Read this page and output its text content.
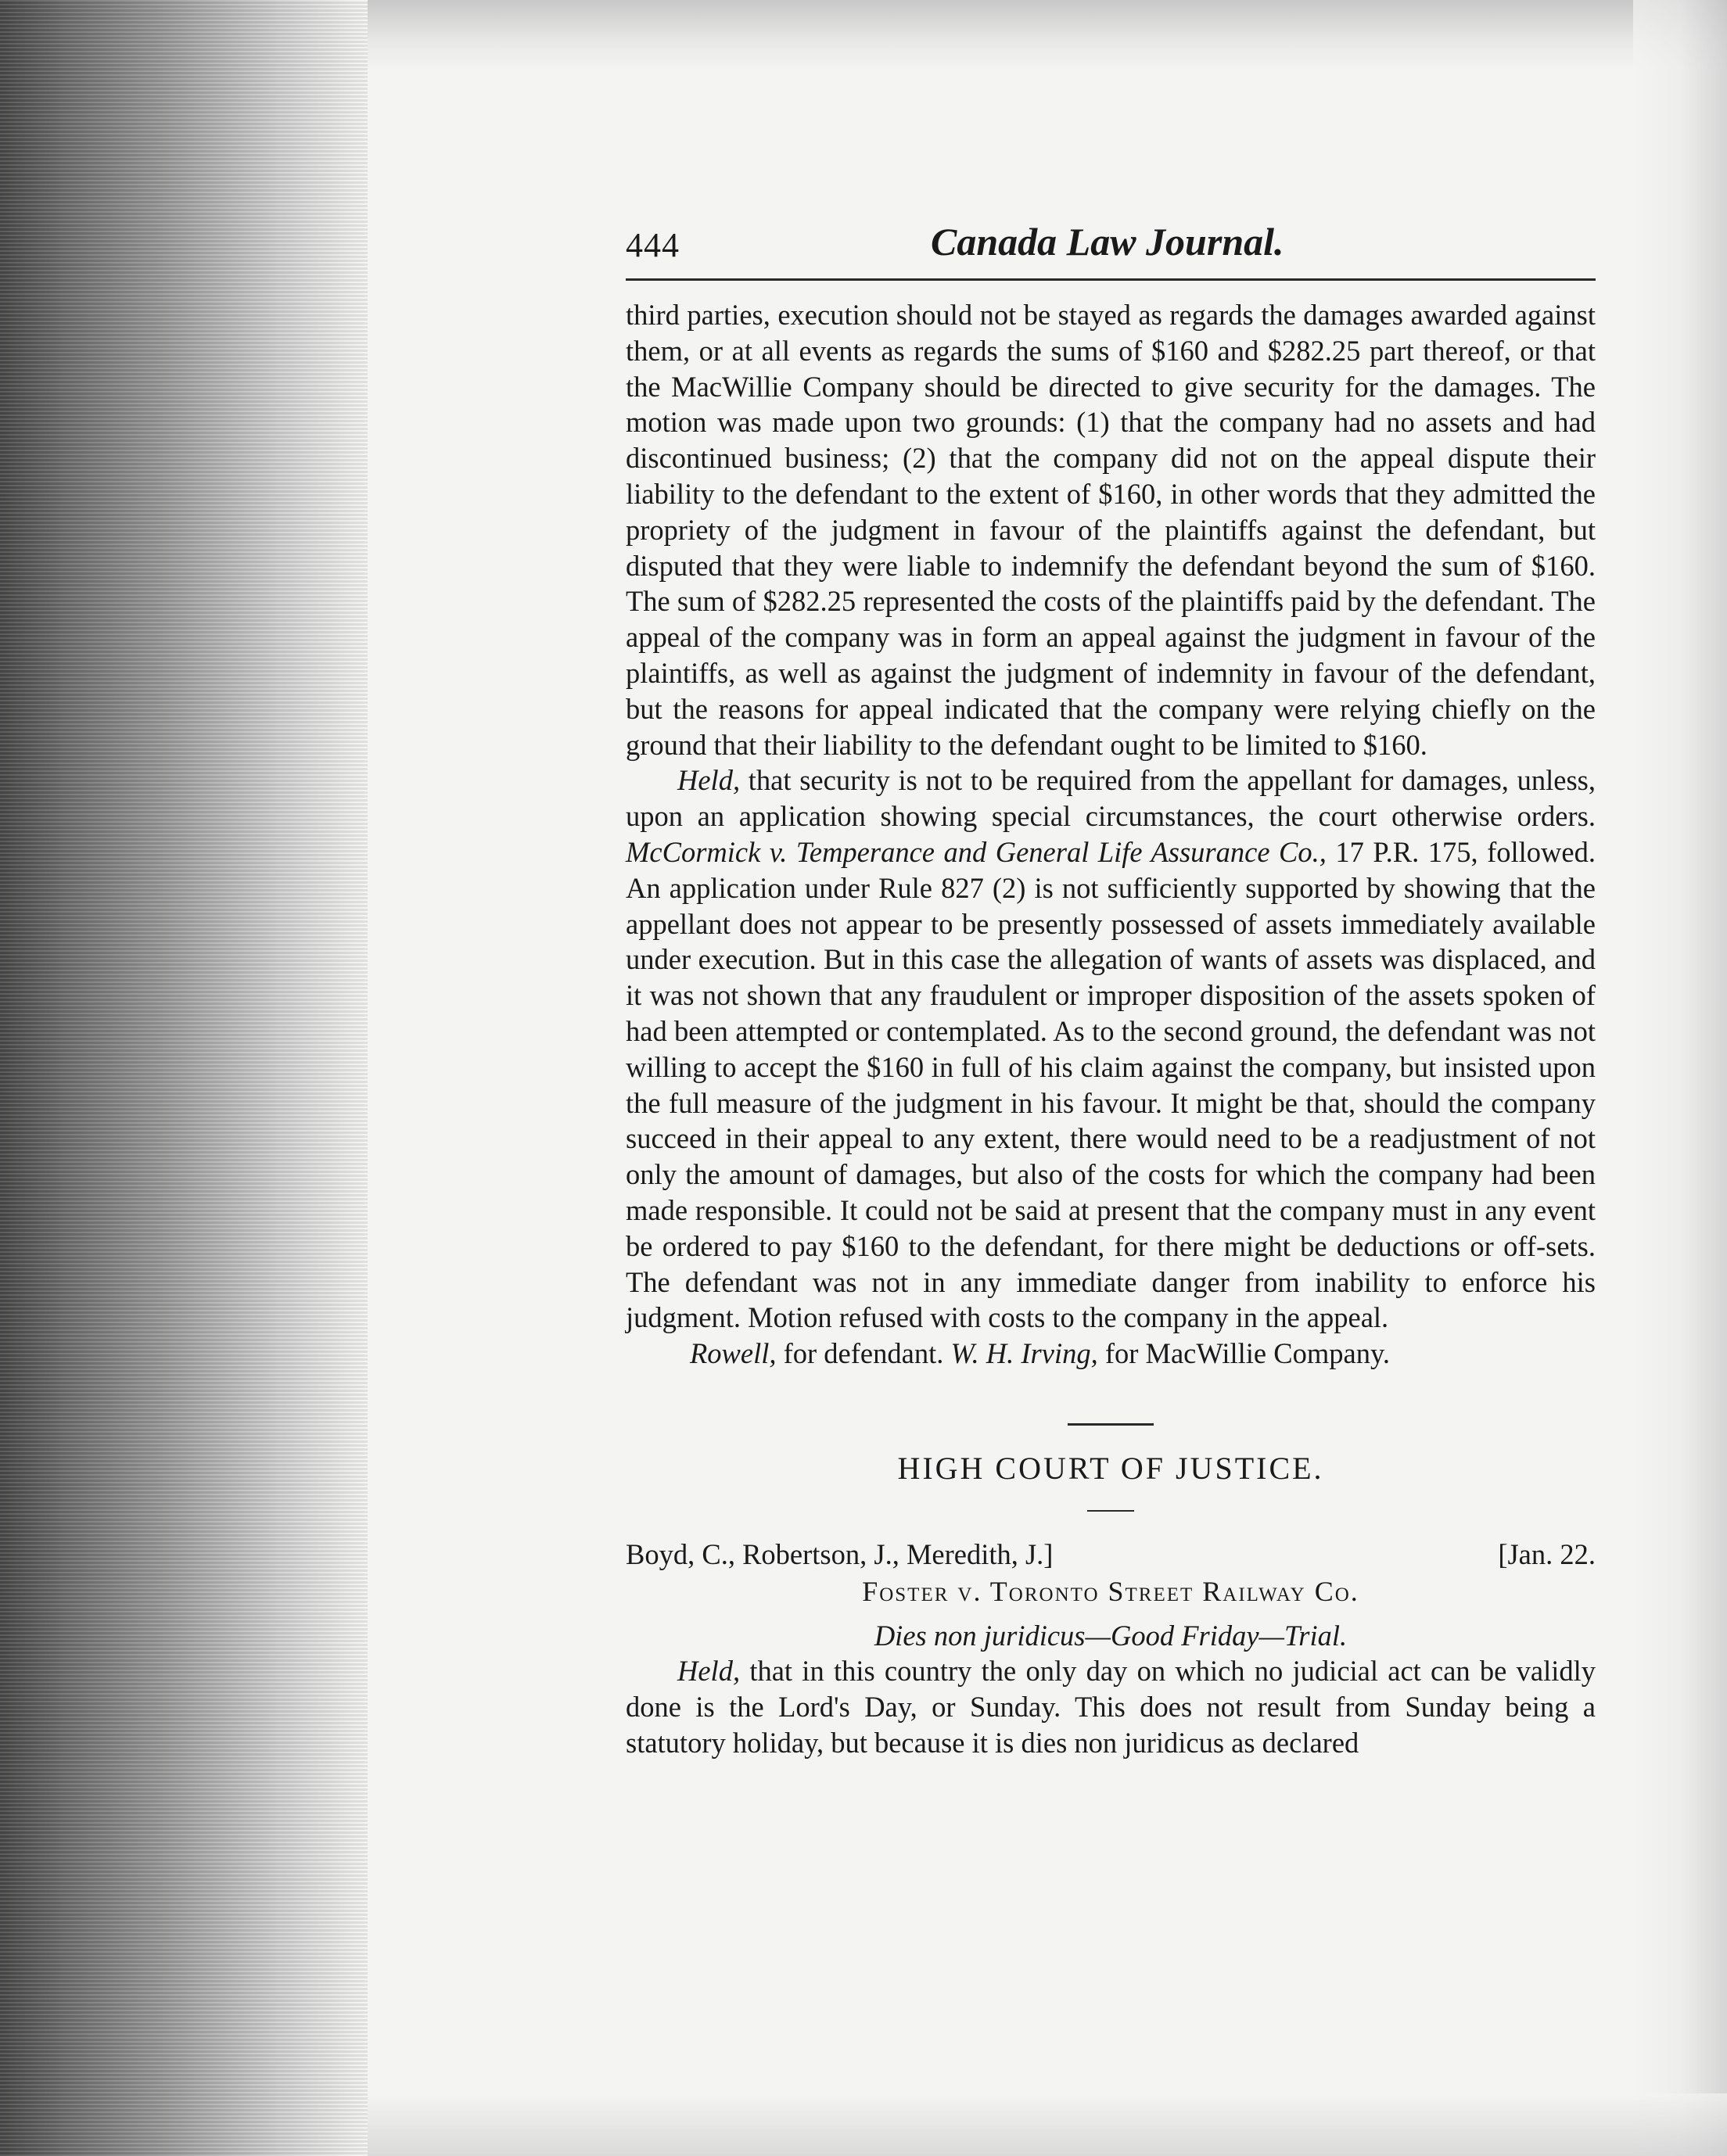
444	Canada Law Journal.

third parties, execution should not be stayed as regards the damages awarded against them, or at all events as regards the sums of $160 and $282.25 part thereof, or that the MacWillie Company should be directed to give security for the damages. The motion was made upon two grounds: (1) that the company had no assets and had discontinued business; (2) that the company did not on the appeal dispute their liability to the defendant to the extent of $160, in other words that they admitted the propriety of the judgment in favour of the plaintiffs against the defendant, but disputed that they were liable to indemnify the defendant beyond the sum of $160. The sum of $282.25 represented the costs of the plaintiffs paid by the defendant. The appeal of the company was in form an appeal against the judgment in favour of the plaintiffs, as well as against the judgment of indemnity in favour of the defendant, but the reasons for appeal indicated that the company were relying chiefly on the ground that their liability to the defendant ought to be limited to $160.

Held, that security is not to be required from the appellant for damages, unless, upon an application showing special circumstances, the court otherwise orders. McCormick v. Temperance and General Life Assurance Co., 17 P.R. 175, followed. An application under Rule 827 (2) is not sufficiently supported by showing that the appellant does not appear to be presently possessed of assets immediately available under execution. But in this case the allegation of wants of assets was displaced, and it was not shown that any fraudulent or improper disposition of the assets spoken of had been attempted or contemplated. As to the second ground, the defendant was not willing to accept the $160 in full of his claim against the company, but insisted upon the full measure of the judgment in his favour. It might be that, should the company succeed in their appeal to any extent, there would need to be a readjustment of not only the amount of damages, but also of the costs for which the company had been made responsible. It could not be said at present that the company must in any event be ordered to pay $160 to the defendant, for there might be deductions or off-sets. The defendant was not in any immediate danger from inability to enforce his judgment. Motion refused with costs to the company in the appeal.

Rowell, for defendant. W. H. Irving, for MacWillie Company.

HIGH COURT OF JUSTICE.
Boyd, C., Robertson, J., Meredith, J.]	[Jan. 22.
Foster v. Toronto Street Railway Co.
Dies non juridicus—Good Friday—Trial.

Held, that in this country the only day on which no judicial act can be validly done is the Lord's Day, or Sunday. This does not result from Sunday being a statutory holiday, but because it is dies non juridicus as declared
